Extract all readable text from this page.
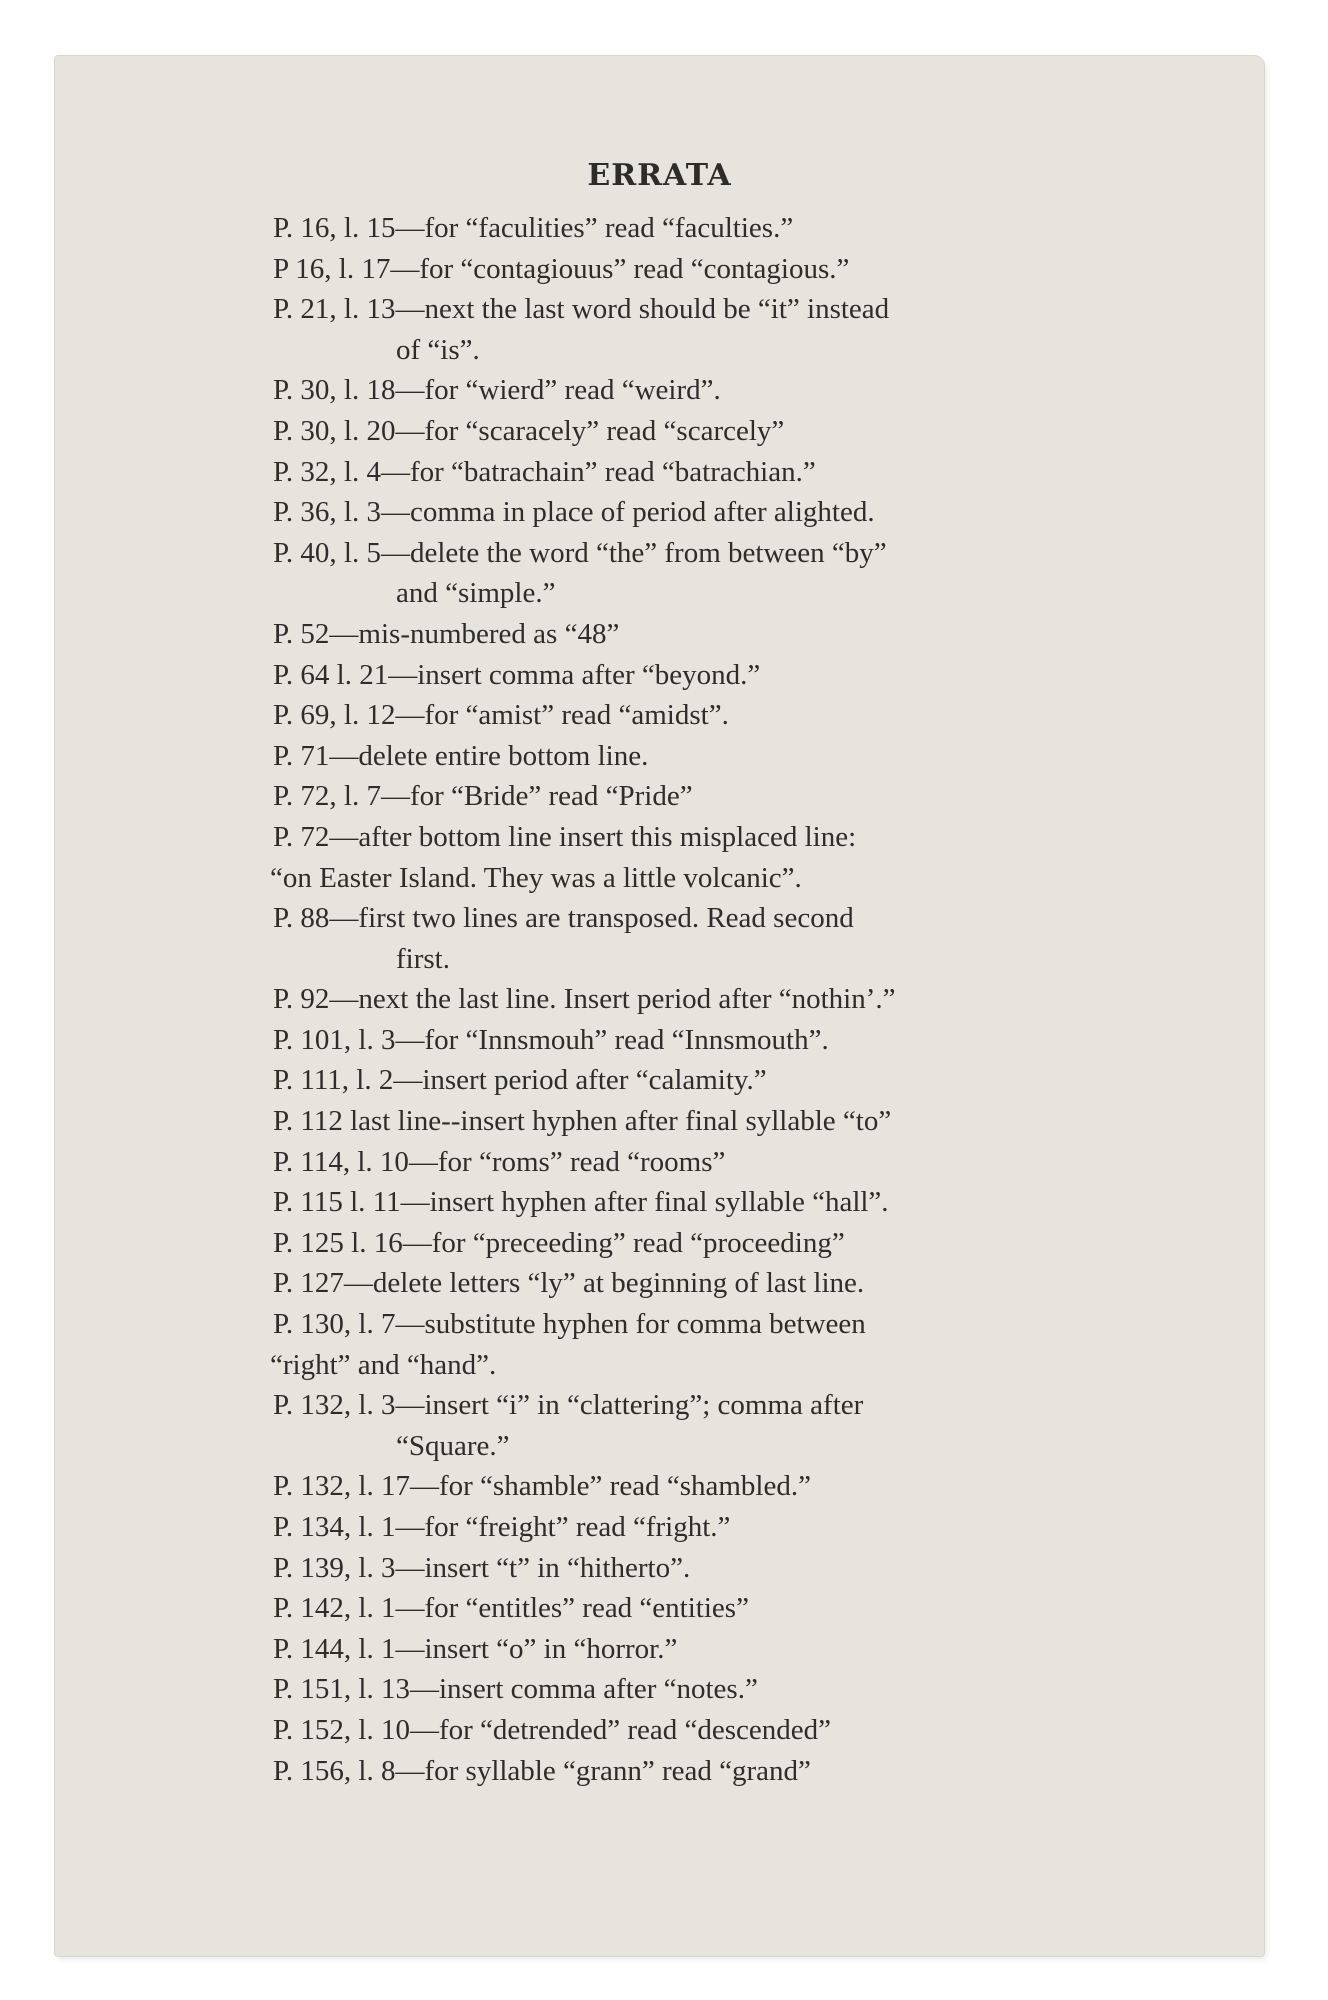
ERRATA
P. 16, l. 15—for “faculities” read “faculties.”
P 16, l. 17—for “contagiouus” read “contagious.”
P. 21, l. 13—next the last word should be “it” instead
of “is”.
P. 30, l. 18—for “wierd” read “weird”.
P. 30, l. 20—for “scaracely” read “scarcely”
P. 32, l. 4—for “batrachain” read “batrachian.”
P. 36, l. 3—comma in place of period after alighted.
P. 40, l. 5—delete the word “the” from between “by”
and “simple.”
P. 52—mis-numbered as “48”
P. 64 l. 21—insert comma after “beyond.”
P. 69, l. 12—for “amist” read “amidst”.
P. 71—delete entire bottom line.
P. 72, l. 7—for “Bride” read “Pride”
P. 72—after bottom line insert this misplaced line:
“on Easter Island. They was a little volcanic”.
P. 88—first two lines are transposed. Read second
first.
P. 92—next the last line. Insert period after “nothin’.”
P. 101, l. 3—for “Innsmouh” read “Innsmouth”.
P. 111, l. 2—insert period after “calamity.”
P. 112 last line--insert hyphen after final syllable “to”
P. 114, l. 10—for “roms” read “rooms”
P. 115 l. 11—insert hyphen after final syllable “hall”.
P. 125 l. 16—for “preceeding” read “proceeding”
P. 127—delete letters “ly” at beginning of last line.
P. 130, l. 7—substitute hyphen for comma between
“right” and “hand”.
P. 132, l. 3—insert “i” in “clattering”; comma after
“Square.”
P. 132, l. 17—for “shamble” read “shambled.”
P. 134, l. 1—for “freight” read “fright.”
P. 139, l. 3—insert “t” in “hitherto”.
P. 142, l. 1—for “entitles” read “entities”
P. 144, l. 1—insert “o” in “horror.”
P. 151, l. 13—insert comma after “notes.”
P. 152, l. 10—for “detrended” read “descended”
P. 156, l. 8—for syllable “grann” read “grand”
